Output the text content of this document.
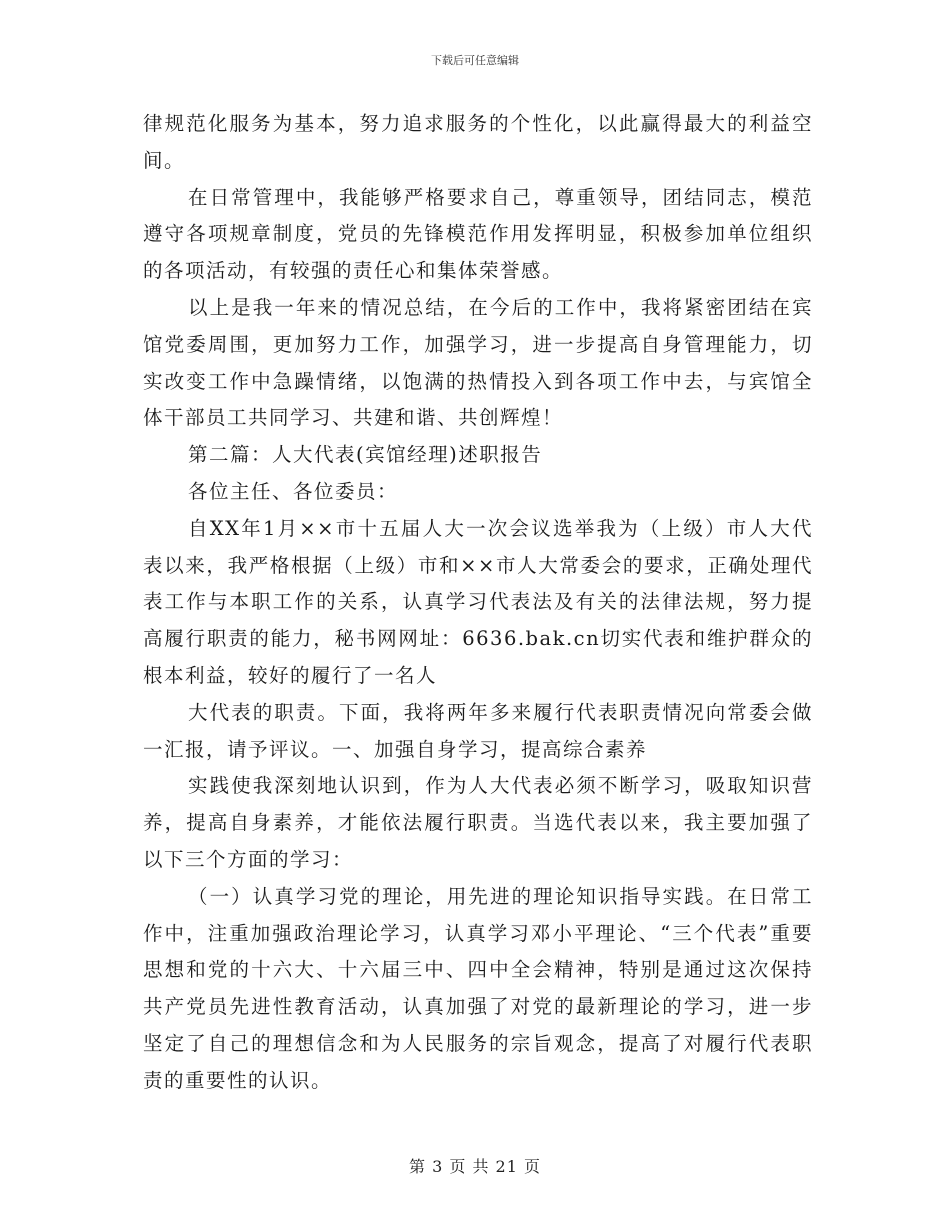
下载后可任意编辑

律规范化服务为基本，努力追求服务的个性化，以此赢得最大的利益空间。

在日常管理中，我能够严格要求自己，尊重领导，团结同志，模范遵守各项规章制度，党员的先锋模范作用发挥明显，积极参加单位组织的各项活动，有较强的责任心和集体荣誉感。

以上是我一年来的情况总结，在今后的工作中，我将紧密团结在宾馆党委周围，更加努力工作，加强学习，进一步提高自身管理能力，切实改变工作中急躁情绪，以饱满的热情投入到各项工作中去，与宾馆全体干部员工共同学习、共建和谐、共创辉煌！

第二篇：人大代表(宾馆经理)述职报告

各位主任、各位委员：

自XX年1月××市十五届人大一次会议选举我为（上级）市人大代表以来，我严格根据（上级）市和××市人大常委会的要求，正确处理代表工作与本职工作的关系，认真学习代表法及有关的法律法规，努力提高履行职责的能力，秘书网网址：6636.bak.cn切实代表和维护群众的根本利益，较好的履行了一名人

大代表的职责。下面，我将两年多来履行代表职责情况向常委会做一汇报，请予评议。一、加强自身学习，提高综合素养

实践使我深刻地认识到，作为人大代表必须不断学习，吸取知识营养，提高自身素养，才能依法履行职责。当选代表以来，我主要加强了以下三个方面的学习：

（一）认真学习党的理论，用先进的理论知识指导实践。在日常工作中，注重加强政治理论学习，认真学习邓小平理论、“三个代表”重要思想和党的十六大、十六届三中、四中全会精神，特别是通过这次保持共产党员先进性教育活动，认真加强了对党的最新理论的学习，进一步坚定了自己的理想信念和为人民服务的宗旨观念，提高了对履行代表职责的重要性的认识。

第 3 页 共 21 页
